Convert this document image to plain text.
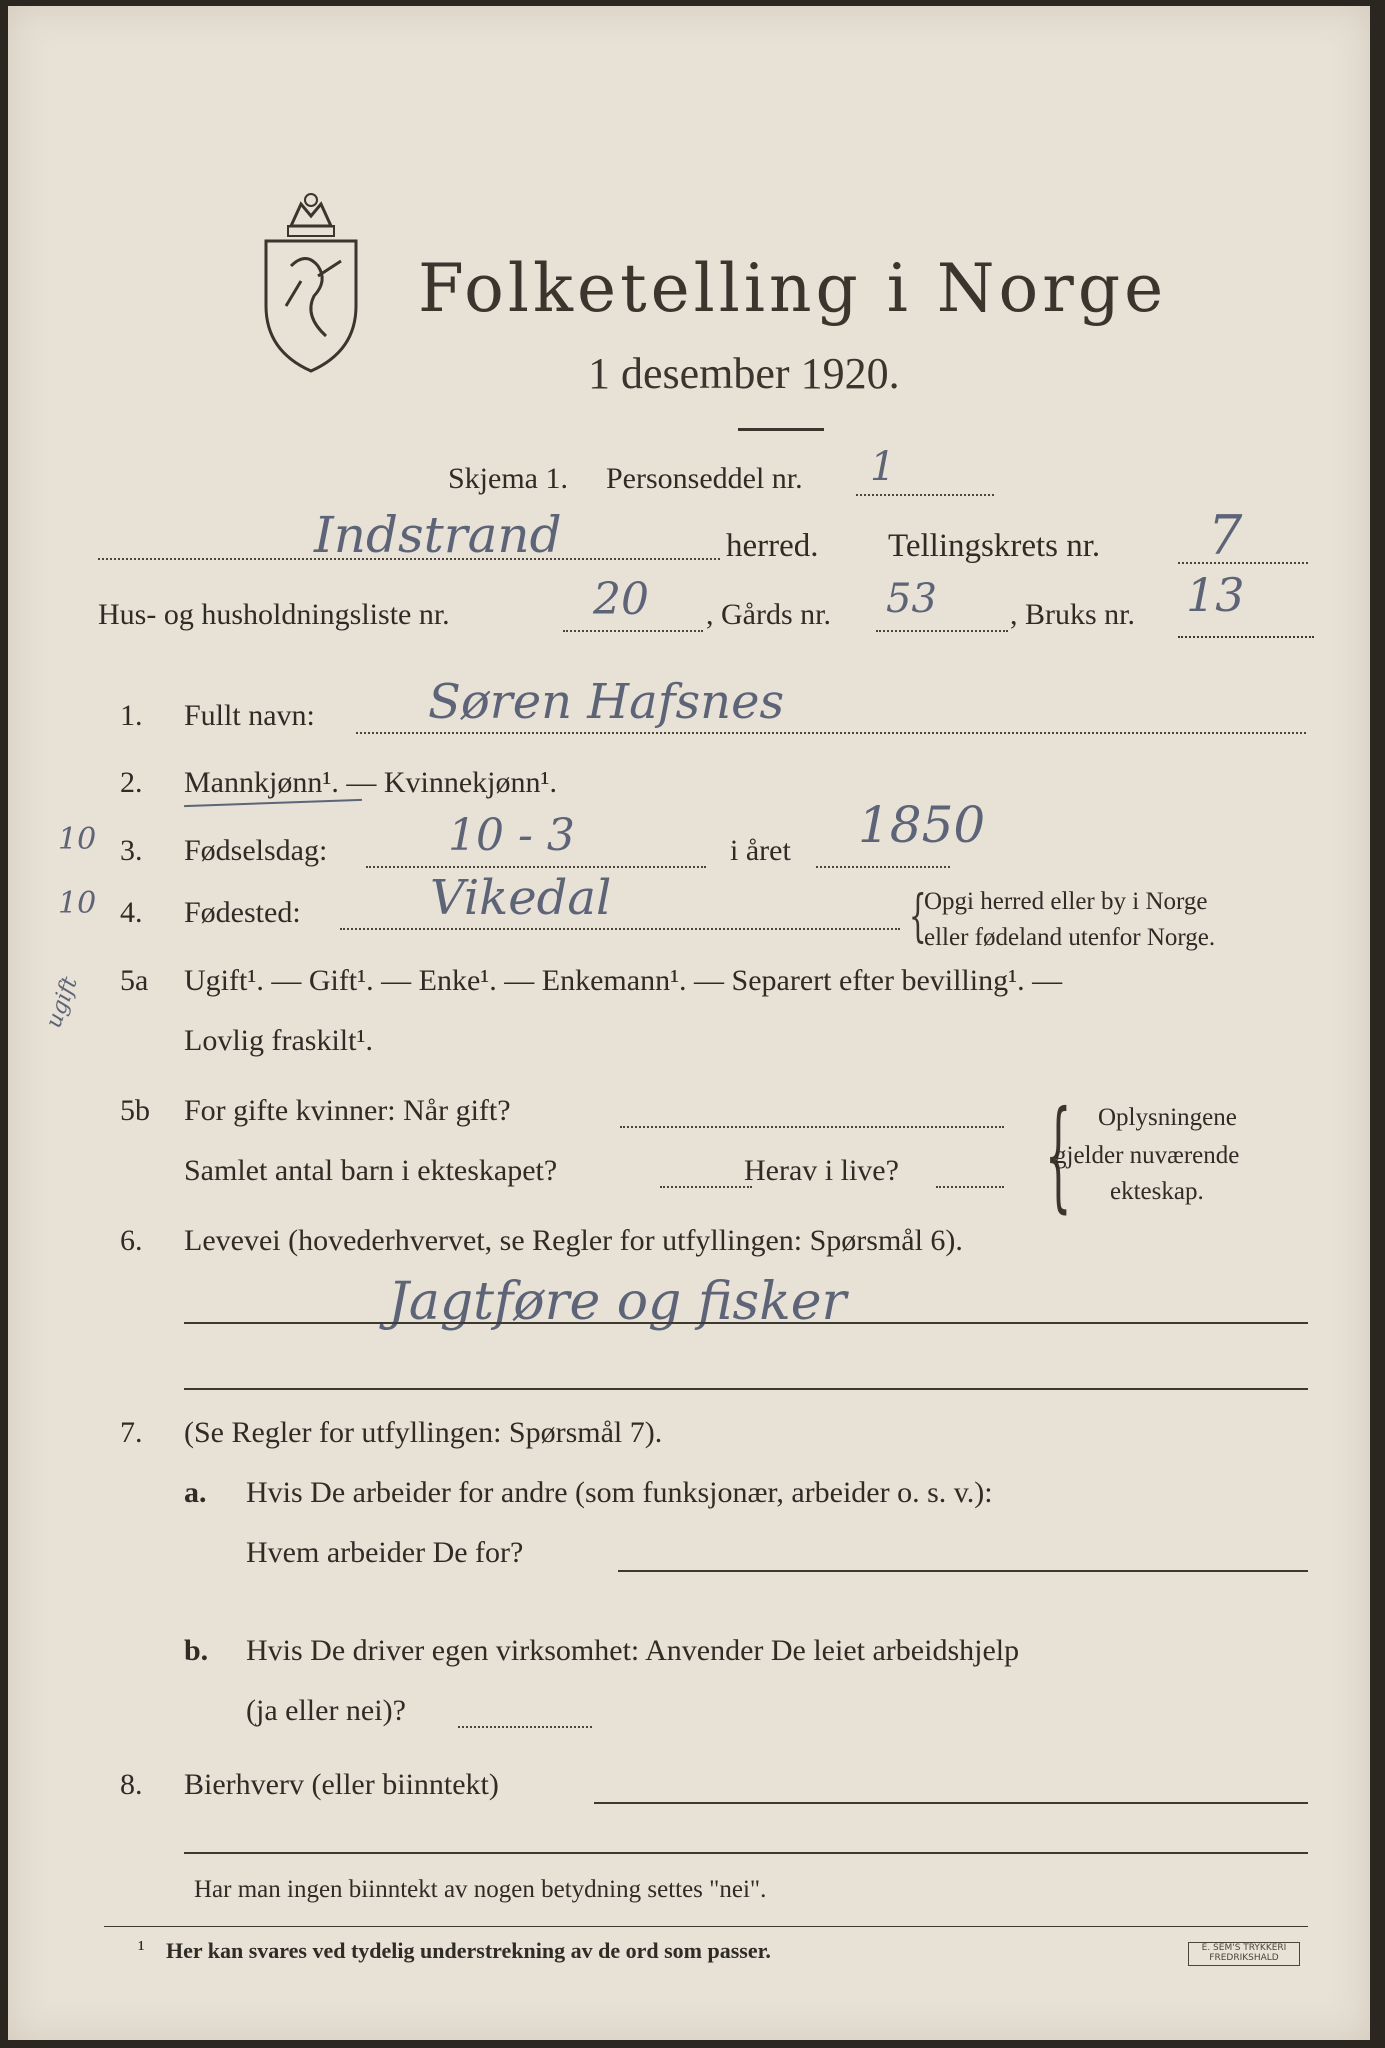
Folketelling i Norge
1 desember 1920.
Skjema 1. Personseddel nr. 1
Indstrand	herred. Tellingskrets nr. 7
Hus- og husholdningsliste nr.	20 , Gårds nr. 53 , Bruks nr. 13
1. Fullt navn: Søren Hafsnes
2. Mannkjønn¹. — Kvinnekjønn¹.
10 3. Fødselsdag:	10 - 3	i året 1850
10 4. Fødested:	Vikedal	{
Opgi herred eller by i Norge
eller fødeland utenfor Norge.
ugift 5a Ugift¹. — Gift¹. — Enke¹. — Enkemann¹. — Separert efter bevilling¹. —
Lovlig fraskilt¹.
5b For gifte kvinner: Når gift?
Samlet antal barn i ekteskapet?	Herav i live? { Oplysningene
gjelder nuværende
ekteskap.
6. Levevei (hovederhvervet, se Regler for utfyllingen: Spørsmål 6).
Jagtføre og fisker
7. (Se Regler for utfyllingen: Spørsmål 7).
a. Hvis De arbeider for andre (som funksjonær, arbeider o. s. v.):
Hvem arbeider De for?
b. Hvis De driver egen virksomhet: Anvender De leiet arbeidshjelp
(ja eller nei)?
8. Bierhverv (eller biinntekt)
Har man ingen biinntekt av nogen betydning settes "nei".
¹ Her kan svares ved tydelig understrekning av de ord som passer.	E. SEM'S TRYKKERI FREDRIKSHALD
